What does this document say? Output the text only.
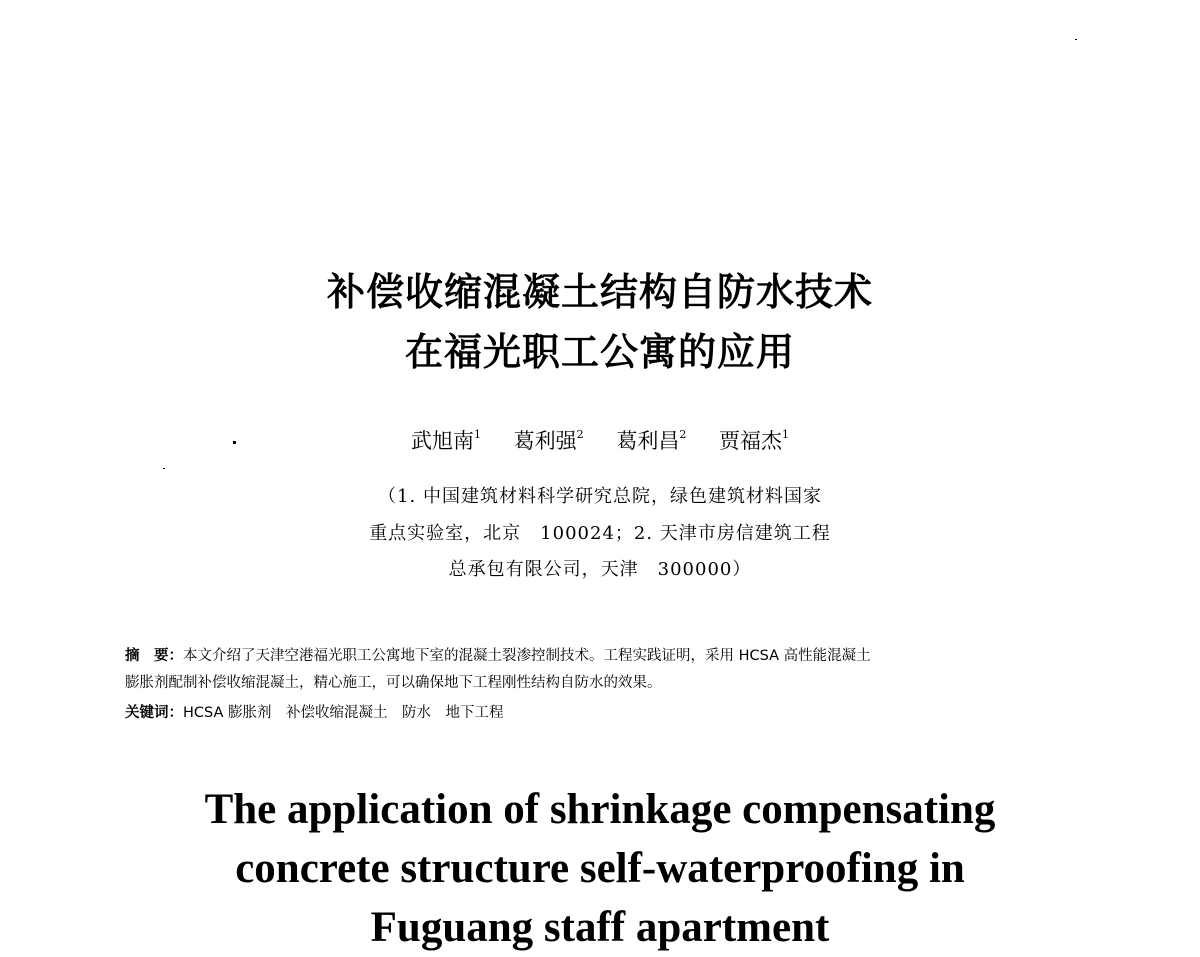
补偿收缩混凝土结构自防水技术
在福光职工公寓的应用
武旭南$^1$ 葛利强$^2$ 葛利昌$^2$ 贾福杰$^1$
（1. 中国建筑材料科学研究总院，绿色建筑材料国家
重点实验室，北京　100024；2. 天津市房信建筑工程
总承包有限公司，天津　300000）
摘　要：本文介绍了天津空港福光职工公寓地下室的混凝土裂渗控制技术。工程实践证明，采用 HCSA 高性能混凝土
膨胀剂配制补偿收缩混凝土，精心施工，可以确保地下工程刚性结构自防水的效果。
关键词：HCSA 膨胀剂　补偿收缩混凝土　防水　地下工程
The application of shrinkage compensating
concrete structure self-waterproofing in
Fuguang staff apartment
